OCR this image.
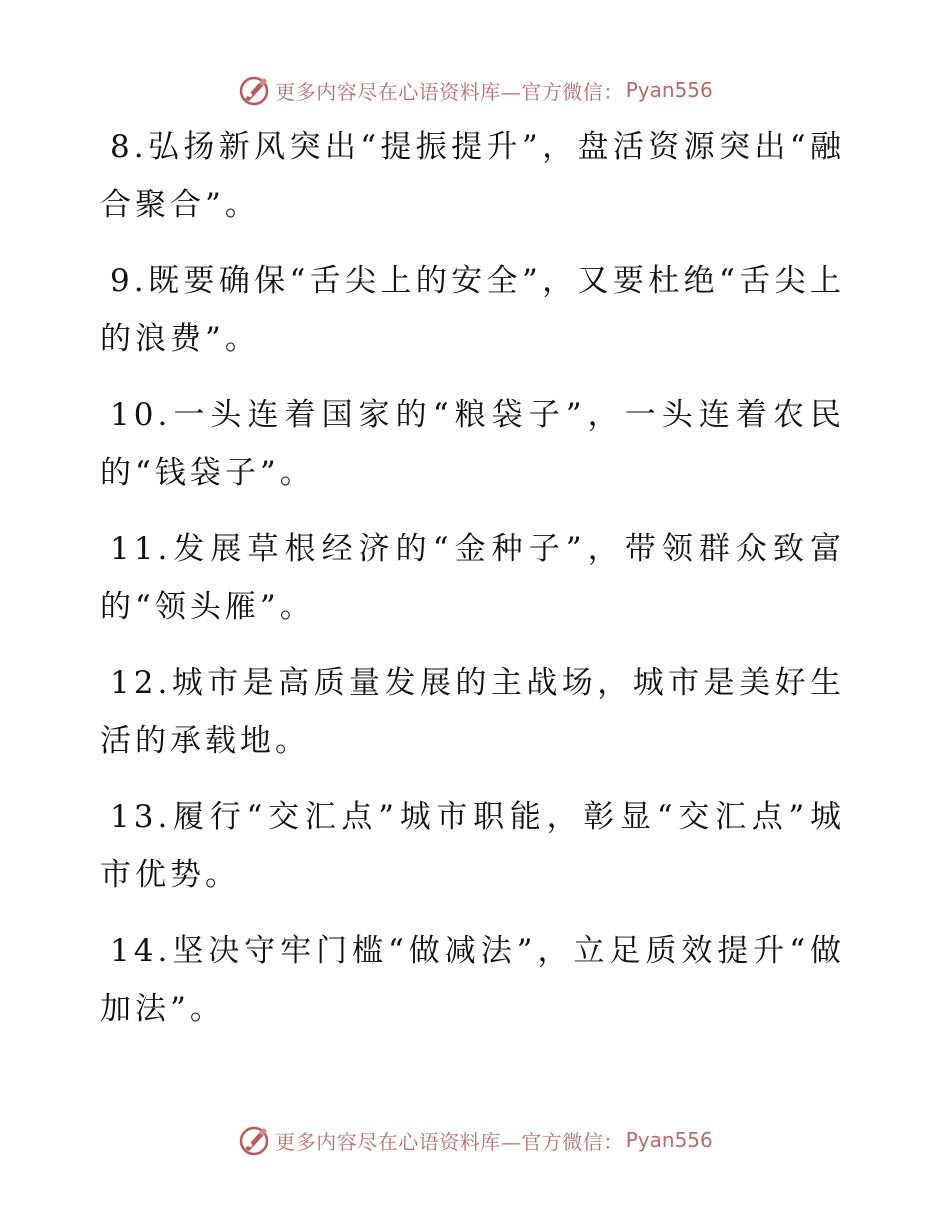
更多内容尽在心语资料库—官方微信： Pyan556

8.弘扬新风突出“提振提升”，盘活资源突出“融合聚合”。

9.既要确保“舌尖上的安全”，又要杜绝“舌尖上的浪费”。

10.一头连着国家的“粮袋子”，一头连着农民的“钱袋子”。

11.发展草根经济的“金种子”，带领群众致富的“领头雁”。

12.城市是高质量发展的主战场，城市是美好生活的承载地。

13.履行“交汇点”城市职能，彰显“交汇点”城市优势。

14.坚决守牢门槛“做减法”，立足质效提升“做加法”。

更多内容尽在心语资料库—官方微信： Pyan556
